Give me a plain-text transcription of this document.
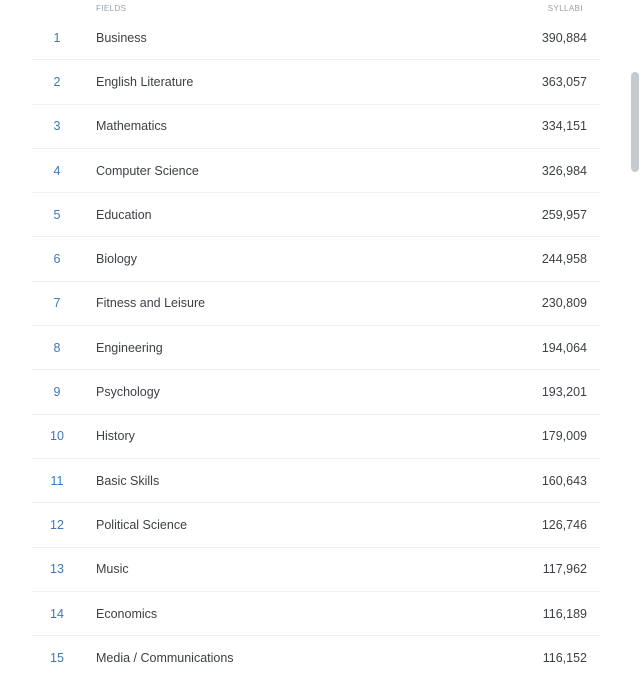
FIELDS	SYLLABI
1	Business	390,884
2	English Literature	363,057
3	Mathematics	334,151
4	Computer Science	326,984
5	Education	259,957
6	Biology	244,958
7	Fitness and Leisure	230,809
8	Engineering	194,064
9	Psychology	193,201
10	History	179,009
11	Basic Skills	160,643
12	Political Science	126,746
13	Music	117,962
14	Economics	116,189
15	Media / Communications	116,152
